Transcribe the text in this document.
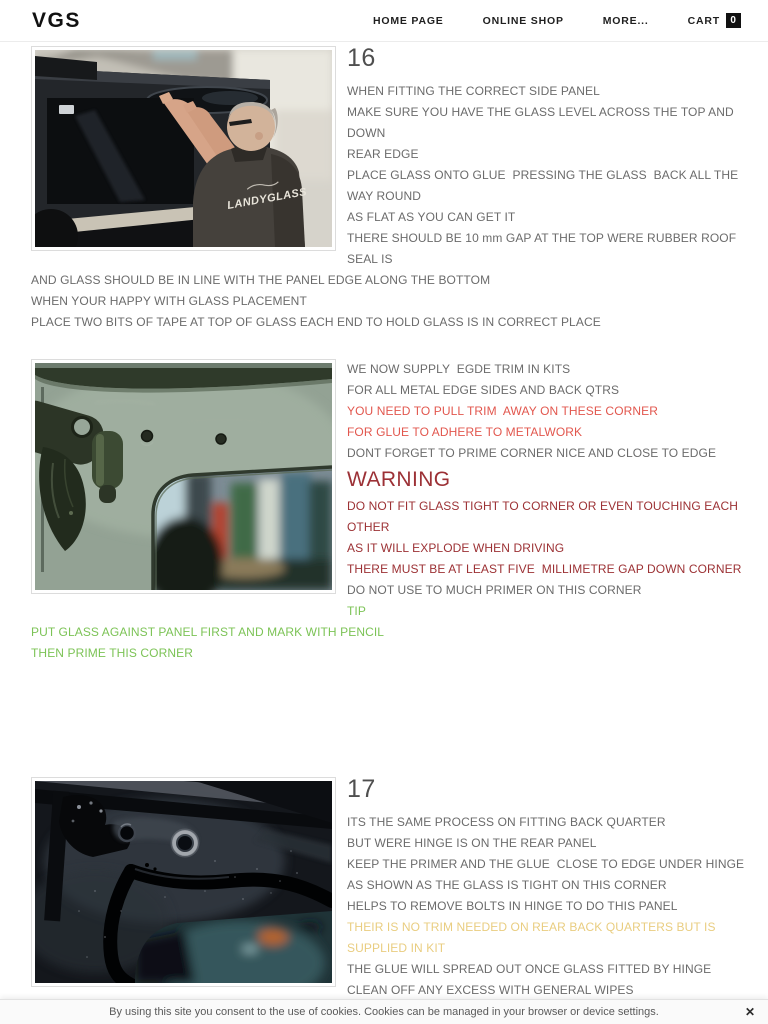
VGS	HOME PAGE	ONLINE SHOP	MORE...	CART	0
LANDYGLASS
16
WHEN FITTING THE CORRECT SIDE PANEL
MAKE SURE YOU HAVE THE GLASS LEVEL ACROSS THE TOP AND
DOWN
REAR EDGE
PLACE GLASS ONTO GLUE  PRESSING THE GLASS  BACK ALL THE
WAY ROUND
AS FLAT AS YOU CAN GET IT
THERE SHOULD BE 10 mm GAP AT THE TOP WERE RUBBER ROOF
SEAL IS
AND GLASS SHOULD BE IN LINE WITH THE PANEL EDGE ALONG THE BOTTOM
WHEN YOUR HAPPY WITH GLASS PLACEMENT
PLACE TWO BITS OF TAPE AT TOP OF GLASS EACH END TO HOLD GLASS IS IN CORRECT PLACE
WE NOW SUPPLY  EGDE TRIM IN KITS
FOR ALL METAL EDGE SIDES AND BACK QTRS
YOU NEED TO PULL TRIM  AWAY ON THESE CORNER
FOR GLUE TO ADHERE TO METALWORK
DONT FORGET TO PRIME CORNER NICE AND CLOSE TO EDGE
WARNING
DO NOT FIT GLASS TIGHT TO CORNER OR EVEN TOUCHING EACH
OTHER
AS IT WILL EXPLODE WHEN DRIVING
THERE MUST BE AT LEAST FIVE  MILLIMETRE GAP DOWN CORNER
DO NOT USE TO MUCH PRIMER ON THIS CORNER
TIP
PUT GLASS AGAINST PANEL FIRST AND MARK WITH PENCIL
THEN PRIME THIS CORNER
17
ITS THE SAME PROCESS ON FITTING BACK QUARTER
BUT WERE HINGE IS ON THE REAR PANEL
KEEP THE PRIMER AND THE GLUE  CLOSE TO EDGE UNDER HINGE
AS SHOWN AS THE GLASS IS TIGHT ON THIS CORNER
HELPS TO REMOVE BOLTS IN HINGE TO DO THIS PANEL
THEIR IS NO TRIM NEEDED ON REAR BACK QUARTERS BUT IS
SUPPLIED IN KIT
THE GLUE WILL SPREAD OUT ONCE GLASS FITTED BY HINGE
CLEAN OFF ANY EXCESS WITH GENERAL WIPES
By using this site you consent to the use of cookies. Cookies can be managed in your browser or device settings.	✕
